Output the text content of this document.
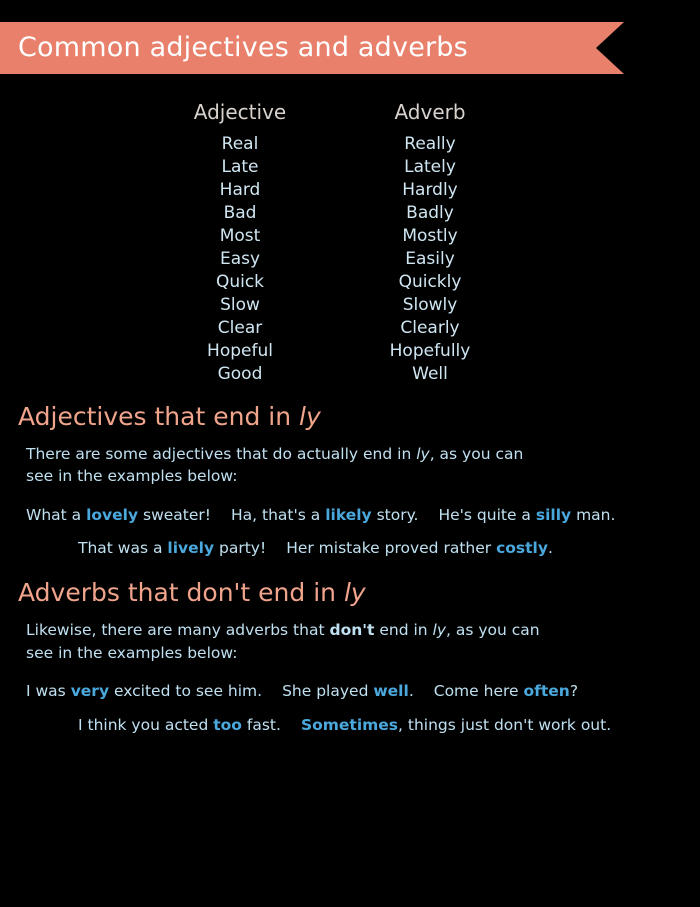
Common adjectives and adverbs
Adjective	Adverb
Real	Really
Late	Lately
Hard	Hardly
Bad	Badly
Most	Mostly
Easy	Easily
Quick	Quickly
Slow	Slowly
Clear	Clearly
Hopeful	Hopefully
Good	Well
Adjectives that end in ly
There are some adjectives that do actually end in ly, as you can
see in the examples below:
What a lovely sweater! Ha, that's a likely story. He's quite a silly man.
That was a lively party! Her mistake proved rather costly.
Adverbs that don't end in ly
Likewise, there are many adverbs that don't end in ly, as you can
see in the examples below:
I was very excited to see him. She played well. Come here often?
I think you acted too fast. Sometimes, things just don't work out.
